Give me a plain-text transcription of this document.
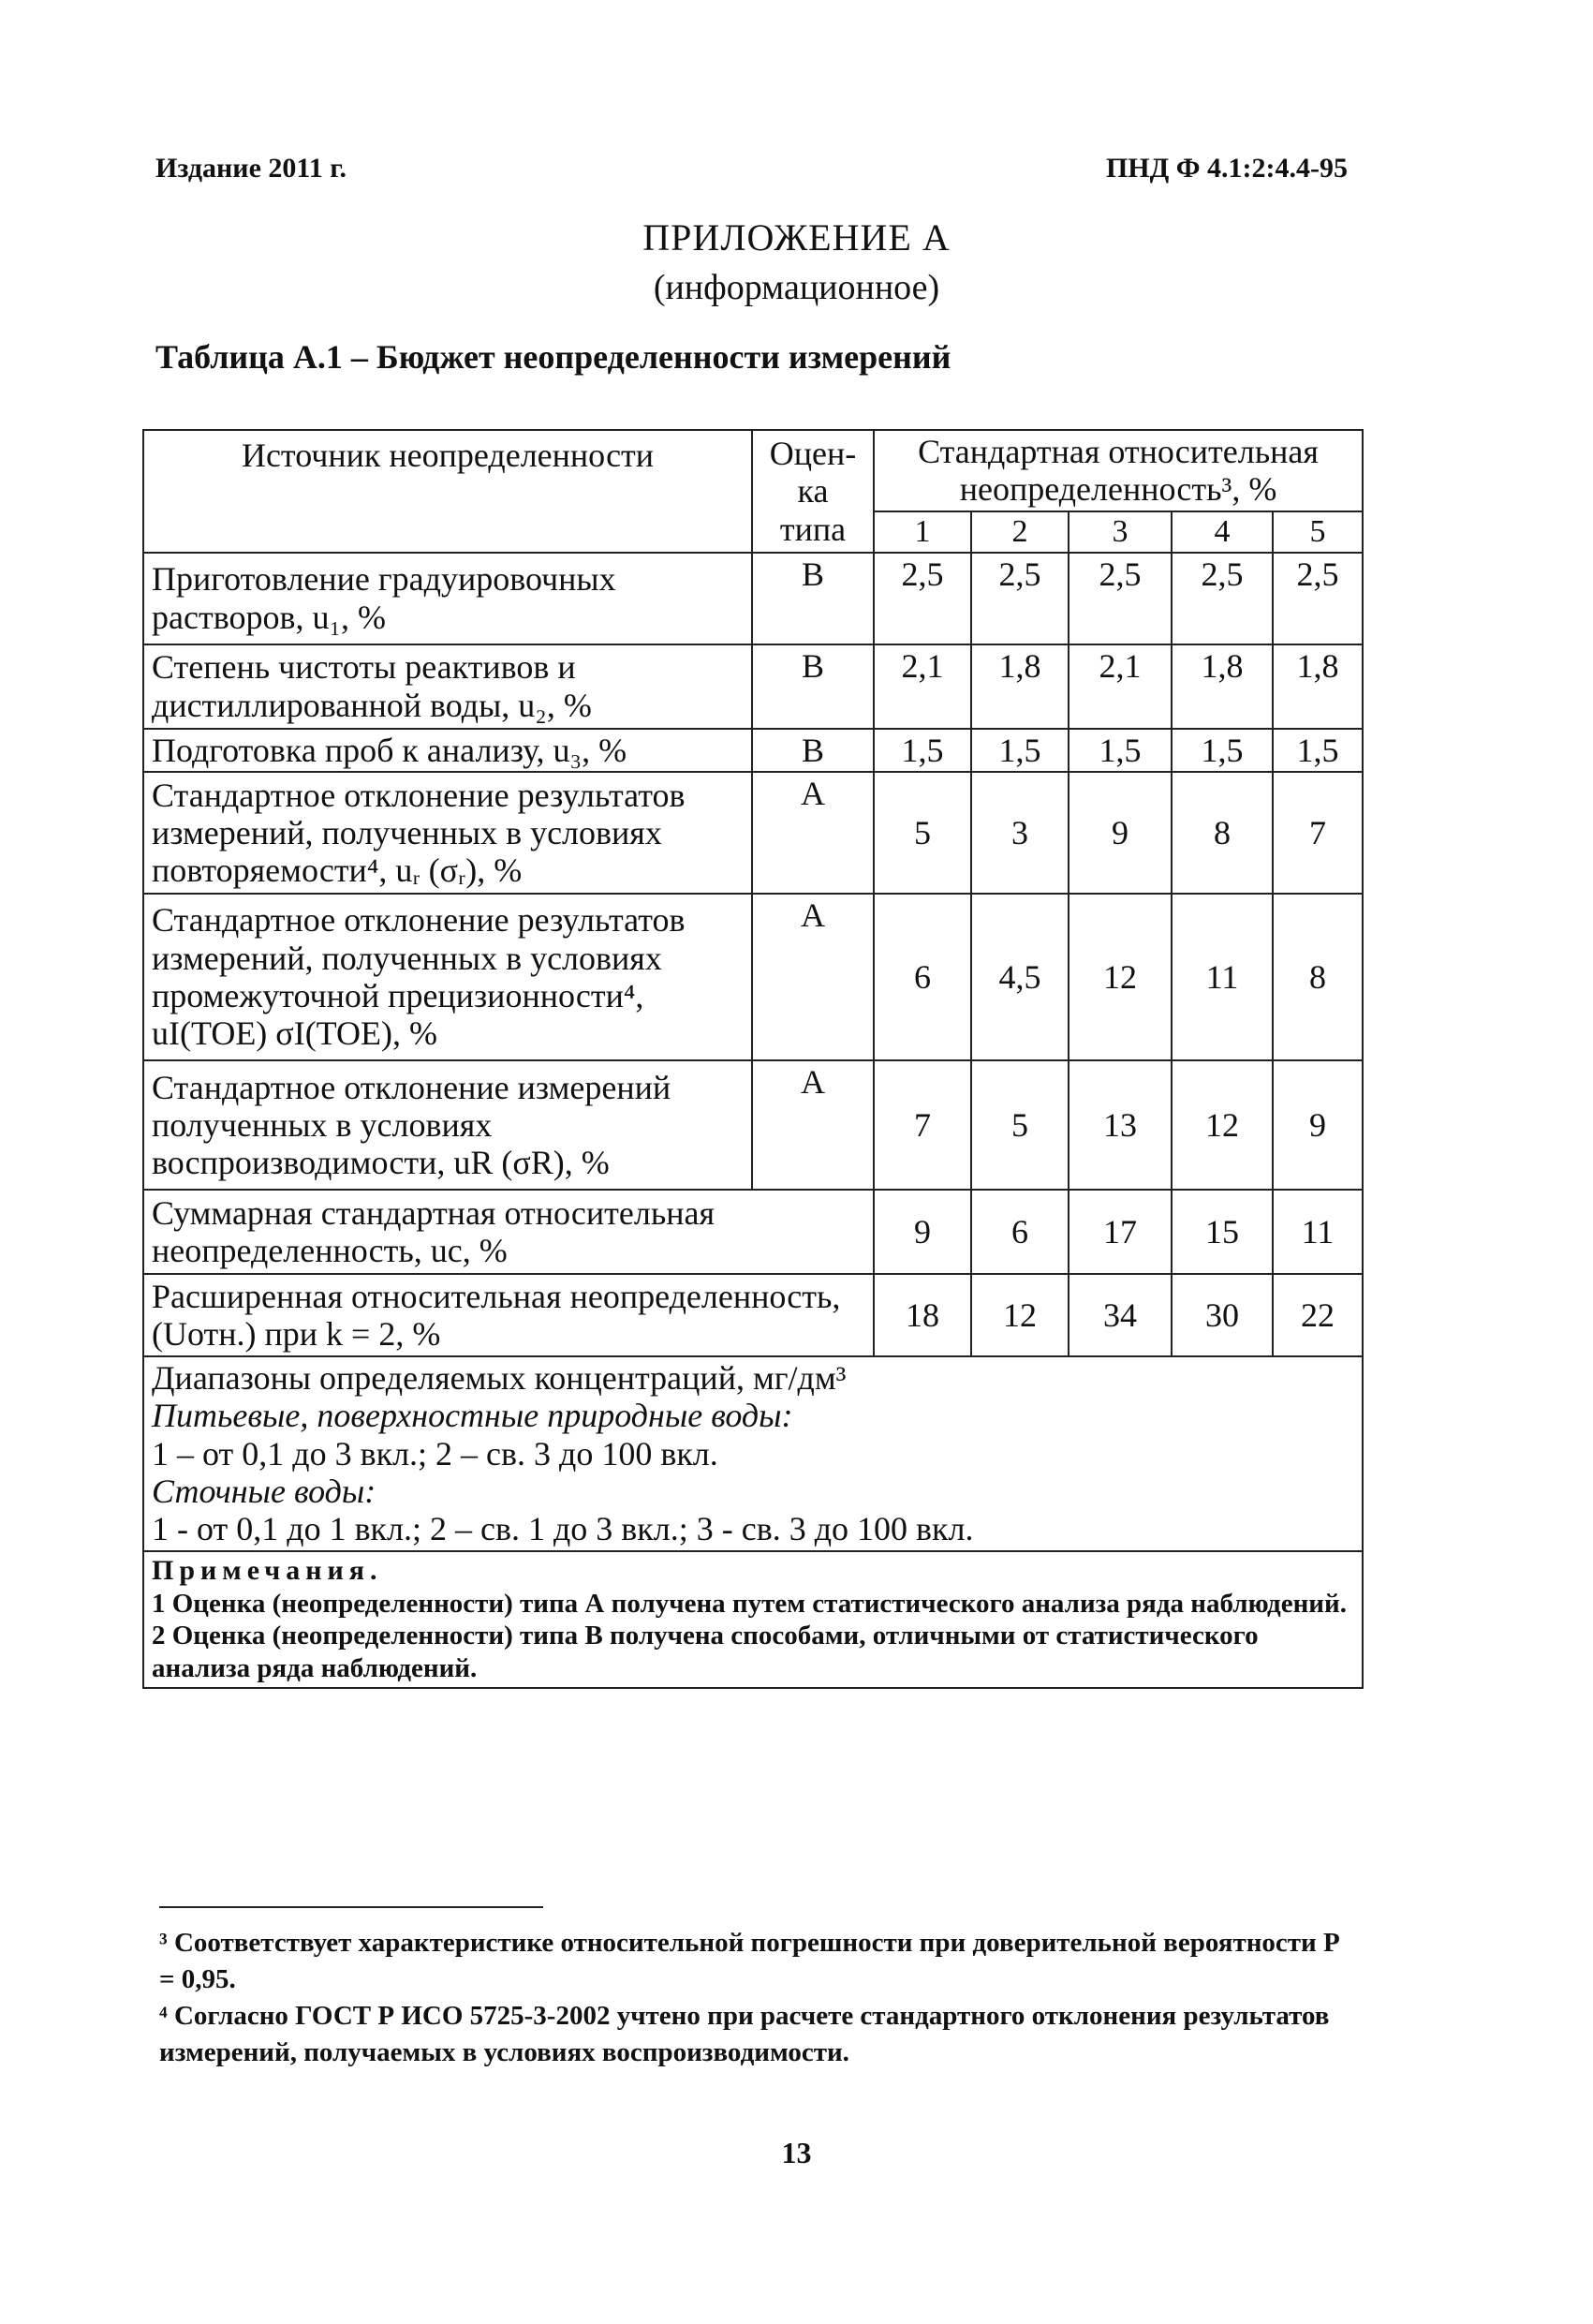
Издание 2011 г.	ПНД Ф 4.1:2:4.4-95
ПРИЛОЖЕНИЕ А
(информационное)
Таблица А.1 – Бюджет неопределенности измерений
Источник неопределенности	Оцен-ка типа	Стандартная относительная неопределенность³, %				
		1	2	3	4	5
Приготовление градуировочных растворов, u₁, %	B	2,5	2,5	2,5	2,5	2,5
Степень чистоты реактивов и дистиллированной воды, u₂, %	B	2,1	1,8	2,1	1,8	1,8
Подготовка проб к анализу, u₃, %	B	1,5	1,5	1,5	1,5	1,5
Стандартное отклонение результатов измерений, полученных в условиях повторяемости⁴, uᵣ (σᵣ), %	A	5	3	9	8	7
Стандартное отклонение результатов измерений, полученных в условиях промежуточной прецизионности⁴, uI(TOE) σI(TOE), %	A	6	4,5	12	11	8
Стандартное отклонение измерений полученных в условиях воспроизводимости, uR (σR), %	A	7	5	13	12	9
Суммарная стандартная относительная неопределенность, uc, %		9	6	17	15	11
Расширенная относительная неопределенность, (Uотн.) при k = 2, %		18	12	34	30	22

Диапазоны определяемых концентраций, мг/дм³
Питьевые, поверхностные природные воды:
1 – от 0,1 до 3 вкл.; 2 – св. 3 до 100 вкл.
Сточные воды:
1 - от 0,1 до 1 вкл.; 2 – св. 1 до 3 вкл.; 3 - св. 3 до 100 вкл.						

Примечания.
1 Оценка (неопределенности) типа А получена путем статистического анализа ряда наблюдений.
2 Оценка (неопределенности) типа В получена способами, отличными от статистического анализа ряда наблюдений.						
³ Соответствует характеристике относительной погрешности при доверительной вероятности Р = 0,95.
⁴ Согласно ГОСТ Р ИСО 5725-3-2002 учтено при расчете стандартного отклонения результатов измерений, получаемых в условиях воспроизводимости.
13
